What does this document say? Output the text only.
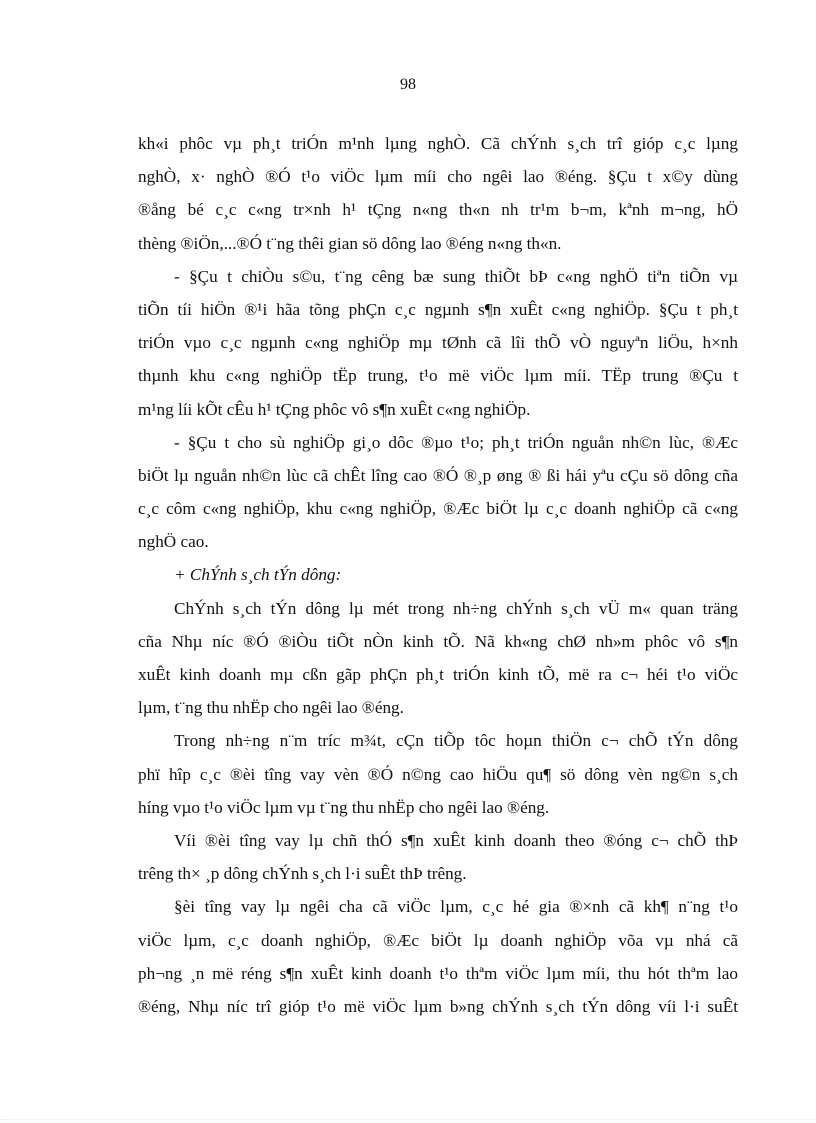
98
kh«i phôc vµ ph¸t triÓn m¹nh lµng nghÒ. Cã chÝnh s¸ch trî gióp c¸c lµng
nghÒ, x· nghÒ ®Ó t¹o viÖc lµm míi cho ngêi lao ®éng. §Çu t x©y dùng
®ång bé c¸c c«ng tr×nh h¹ tÇng n«ng th«n nh tr¹m b¬m, kªnh m¬ng, hÖ
thèng ®iÖn,...®Ó t¨ng thêi gian sö dông lao ®éng n«ng th«n.
- §Çu t chiÒu s©u, t¨ng cêng bæ sung thiÕt bÞ c«ng nghÖ tiªn tiÕn vµ
tiÕn tíi hiÖn ®¹i hãa tõng phÇn c¸c ngµnh s¶n xuÊt c«ng nghiÖp. §Çu t ph¸t
triÓn vµo c¸c ngµnh c«ng nghiÖp mµ tØnh cã lîi thÕ vÒ nguyªn liÖu, h×nh
thµnh khu c«ng nghiÖp tËp trung, t¹o më viÖc lµm míi. TËp trung ®Çu t
m¹ng líi kÕt cÊu h¹ tÇng phôc vô s¶n xuÊt c«ng nghiÖp.
- §Çu t cho sù nghiÖp gi¸o dôc ®µo t¹o; ph¸t triÓn nguån nh©n lùc, ®Æc
biÖt lµ nguån nh©n lùc cã chÊt lîng cao ®Ó ®¸p øng ® ßi hái yªu cÇu sö dông cña
c¸c côm c«ng nghiÖp, khu c«ng nghiÖp, ®Æc biÖt lµ c¸c doanh nghiÖp cã c«ng
nghÖ cao.
+ ChÝnh s¸ch tÝn dông:
ChÝnh s¸ch tÝn dông lµ mét trong nh÷ng chÝnh s¸ch vÜ m« quan träng
cña Nhµ níc ®Ó ®iÒu tiÕt nÒn kinh tÕ. Nã kh«ng chØ nh»m phôc vô s¶n
xuÊt kinh doanh mµ cßn gãp phÇn ph¸t triÓn kinh tÕ, më ra c¬ héi t¹o viÖc
lµm, t¨ng thu nhËp cho ngêi lao ®éng.
Trong nh÷ng n¨m tríc m¾t, cÇn tiÕp tôc hoµn thiÖn c¬ chÕ tÝn dông
phï hîp c¸c ®èi tîng vay vèn ®Ó n©ng cao hiÖu qu¶ sö dông vèn ng©n s¸ch
híng vµo t¹o viÖc lµm vµ t¨ng thu nhËp cho ngêi lao ®éng.
Víi ®èi tîng vay lµ chñ thÓ s¶n xuÊt kinh doanh theo ®óng c¬ chÕ thÞ
trêng th× ¸p dông chÝnh s¸ch l·i suÊt thÞ trêng.
§èi tîng vay lµ ngêi cha cã viÖc lµm, c¸c hé gia ®×nh cã kh¶ n¨ng t¹o
viÖc lµm, c¸c doanh nghiÖp, ®Æc biÖt lµ doanh nghiÖp võa vµ nhá cã
ph¬ng ¸n më réng s¶n xuÊt kinh doanh t¹o thªm viÖc lµm míi, thu hót thªm lao
®éng, Nhµ níc trî gióp t¹o më viÖc lµm b»ng chÝnh s¸ch tÝn dông víi l·i suÊt
